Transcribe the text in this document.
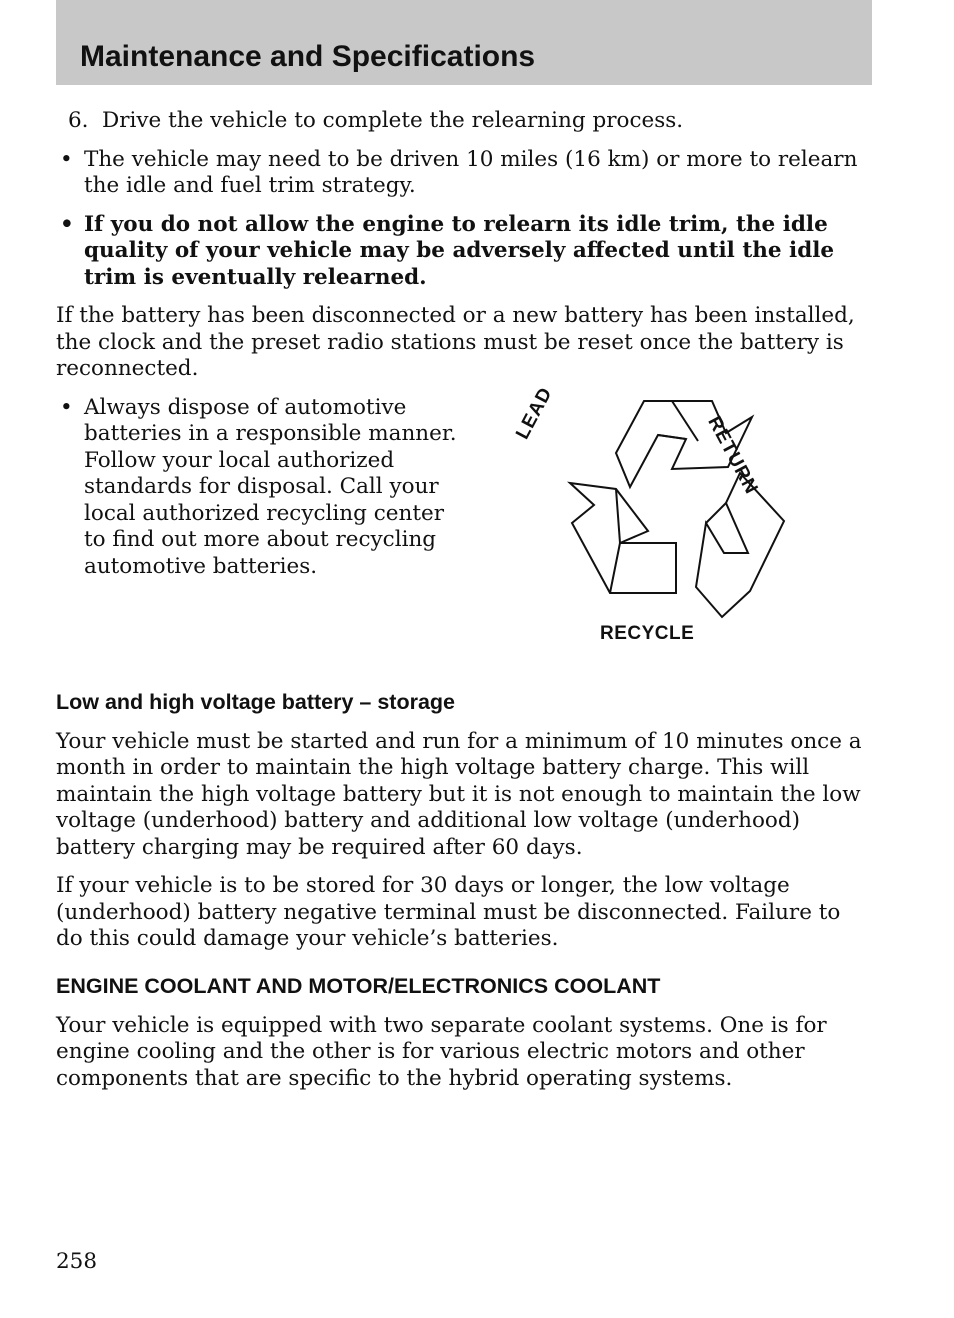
Maintenance and Specifications
6. Drive the vehicle to complete the relearning process.
• The vehicle may need to be driven 10 miles (16 km) or more to relearn the idle and fuel trim strategy.
• If you do not allow the engine to relearn its idle trim, the idle quality of your vehicle may be adversely affected until the idle trim is eventually relearned.

If the battery has been disconnected or a new battery has been installed, the clock and the preset radio stations must be reset once the battery is reconnected.

• Always dispose of automotive batteries in a responsible manner. Follow your local authorized standards for disposal. Call your local authorized recycling center to find out more about recycling automotive batteries.
LEAD	RETURN
RECYCLE
Low and high voltage battery – storage

Your vehicle must be started and run for a minimum of 10 minutes once a month in order to maintain the high voltage battery charge. This will maintain the high voltage battery but it is not enough to maintain the low voltage (underhood) battery and additional low voltage (underhood) battery charging may be required after 60 days.

If your vehicle is to be stored for 30 days or longer, the low voltage (underhood) battery negative terminal must be disconnected. Failure to do this could damage your vehicle’s batteries.

ENGINE COOLANT AND MOTOR/ELECTRONICS COOLANT

Your vehicle is equipped with two separate coolant systems. One is for engine cooling and the other is for various electric motors and other components that are specific to the hybrid operating systems.

258
